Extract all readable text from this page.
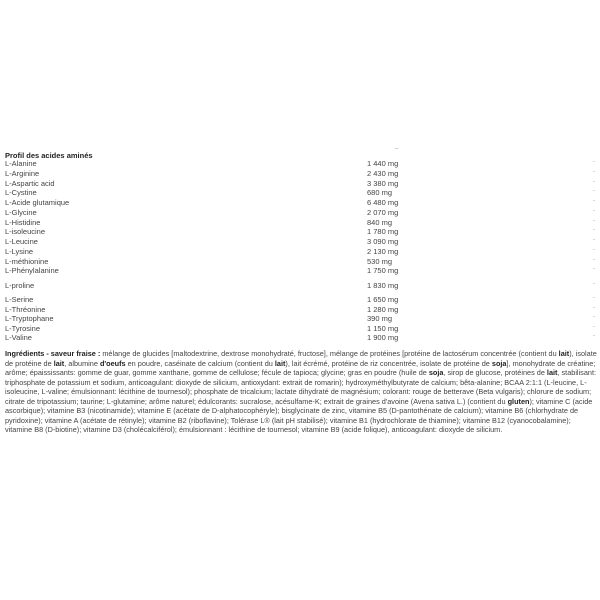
–
Profil des acides aminés
L-Alanine	1 440 mg	-
L-Arginine	2 430 mg	-
L-Aspartic acid	3 380 mg	-
L-Cystine	680 mg	-
L-Acide glutamique	6 480 mg	-
L-Glycine	2 070 mg	-
L-Histidine	840 mg	-
L-isoleucine	1 780 mg	-
L-Leucine	3 090 mg	-
L-Lysine	2 130 mg	-
L-méthionine	530 mg	-
L-Phénylalanine	1 750 mg	-
L-proline	1 830 mg	-
L-Serine	1 650 mg	-
L-Thréonine	1 280 mg	-
L-Tryptophane	390 mg	-
L-Tyrosine	1 150 mg	-
L-Valine	1 900 mg	-

Ingrédients - saveur fraise : mélange de glucides [maltodextrine, dextrose monohydraté, fructose], mélange de protéines [protéine de lactosérum concentrée (contient du lait), isolate de protéine de lait, albumine d'oeufs en poudre, caséinate de calcium (contient du lait), lait écrémé, protéine de riz concentrée, isolate de protéine de soja], monohydrate de créatine; arôme; épaississants: gomme de guar, gomme xanthane, gomme de cellulose; fécule de tapioca; glycine; gras en poudre (huile de soja, sirop de glucose, protéines de lait, stabilisant: triphosphate de potassium et sodium, anticoagulant: dioxyde de silicium, antioxydant: extrait de romarin); hydroxyméthylbutyrate de calcium; bêta-alanine; BCAA 2:1:1 (L-leucine, L-isoleucine, L-valine; émulsionnant: lécithine de tournesol); phosphate de tricalcium; lactate dihydraté de magnésium; colorant: rouge de betterave (Beta vulgaris); chlorure de sodium; citrate de tripotassium; taurine; L-glutamine; arôme naturel; édulcorants: sucralose, acésulfame-K; extrait de graines d'avoine (Avena sativa L.) (contient du gluten); vitamine C (acide ascorbique); vitamine B3 (nicotinamide); vitamine E (acétate de D-alphatocophéryle); bisglycinate de zinc, vitamine B5 (D-pantothénate de calcium); vitamine B6 (chlorhydrate de pyridoxine); vitamine A (acétate de rétinyle); vitamine B2 (riboflavine); Tolérase L® (lait pH stabilisé); vitamine B1 (hydrochlorate de thiamine); vitamine B12 (cyanocobalamine); vitamine B8 (D-biotine); vitamine D3 (cholécalciférol); émulsionnant : lécithine de tournesol; vitamine B9 (acide folique), anticoagulant: dioxyde de silicium.
